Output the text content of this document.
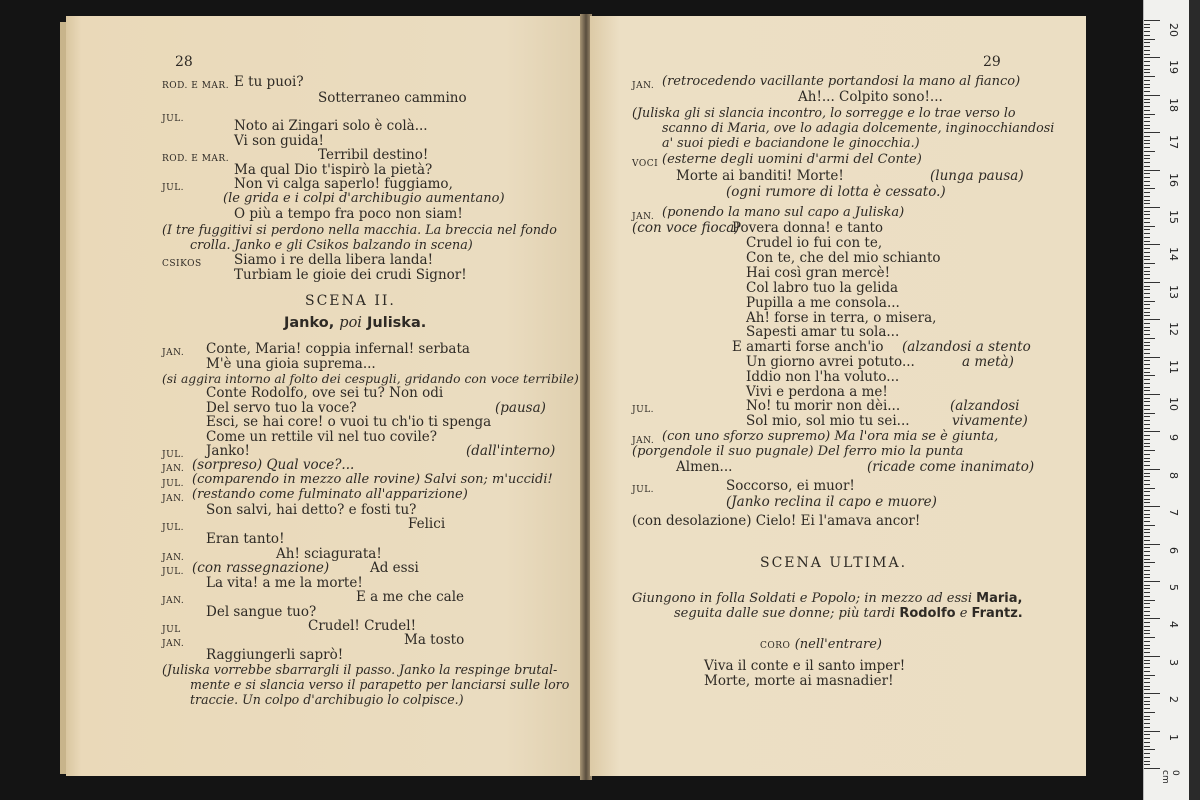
28
ROD. E MAR. E tu puoi?
JUL.
Sotterraneo cammino
Noto ai Zingari solo è colà...
Vi son guida!
ROD. E MAR.	Terribil destino!
Ma qual Dio t'ispirò la pietà?
JUL.	Non vi calga saperlo! fuggiamo,
(le grida e i colpi d'archibugio aumentano)
O più a tempo fra poco non siam!
(I tre fuggitivi si perdono nella macchia. La breccia nel fondo
crolla. Janko e gli Csikos balzando in scena)
CSIKOS Siamo i re della libera landa!
Turbiam le gioie dei crudi Signor!
SCENA II.
Janko, poi Juliska.
JAN. Conte, Maria! coppia infernal! serbata
M'è una gioia suprema...
(si aggira intorno al folto dei cespugli, gridando con voce terribile)
Conte Rodolfo, ove sei tu? Non odi
Del servo tuo la voce?	(pausa)
Esci, se hai core! o vuoi tu ch'io ti spenga
Come un rettile vil nel tuo covile?
JUL. Janko!	(dall'interno)
JAN. (sorpreso) Qual voce?...
JUL. (comparendo in mezzo alle rovine) Salvi son; m'uccidi!
JAN. (restando come fulminato all'apparizione)
Son salvi, hai detto? e fosti tu?
JUL.	Felici
Eran tanto!
JAN.	Ah! sciagurata!
JUL. (con rassegnazione)	Ad essi
La vita! a me la morte!
JAN.	E a me che cale
Del sangue tuo?
JUL	Crudel! Crudel!
JAN.	Ma tosto
Raggiungerli saprò!
(Juliska vorrebbe sbarrargli il passo. Janko la respinge brutal-
mente e si slancia verso il parapetto per lanciarsi sulle loro
traccie. Un colpo d'archibugio lo colpisce.)
29
JAN. (retrocedendo vacillante portandosi la mano al fianco)
Ah!... Colpito sono!...
(Juliska gli si slancia incontro, lo sorregge e lo trae verso lo
scanno di Maria, ove lo adagia dolcemente, inginocchiandosi
a' suoi piedi e baciandone le ginocchia.)
VOCI (esterne degli uomini d'armi del Conte)
Morte ai banditi! Morte!	(lunga pausa)
(ogni rumore di lotta è cessato.)
JAN. (ponendo la mano sul capo a Juliska)
(con voce fioca)
Povera donna! e tanto
Crudel io fui con te,
Con te, che del mio schianto
Hai così gran mercè!
Col labro tuo la gelida
Pupilla a me consola...
Ah! forse in terra, o misera,
Sapesti amar tu sola...
E amarti forse anch'io (alzandosi a stento
Un giorno avrei potuto...	a metà)
Iddio non l'ha voluto...
Vivi e perdona a me!
JUL.	No! tu morir non dèi...	(alzandosi
Sol mio, sol mio tu sei...	vivamente)
JAN. (con uno sforzo supremo) Ma l'ora mia se è giunta,
(porgendole il suo pugnale) Del ferro mio la punta
Almen...	(ricade come inanimato)
JUL.	Soccorso, ei muor!
(Janko reclina il capo e muore)
(con desolazione) Cielo! Ei l'amava ancor!
SCENA ULTIMA.
Giungono in folla Soldati e Popolo; in mezzo ad essi Maria,
seguita dalle sue donne; più tardi Rodolfo e Frantz.
CORO (nell'entrare)
Viva il conte e il santo imper!
Morte, morte ai masnadier!
20
19
18
17
16
15
14
13
12
11
10
9
8
7
6
5
4
3
2
1
0 cm
